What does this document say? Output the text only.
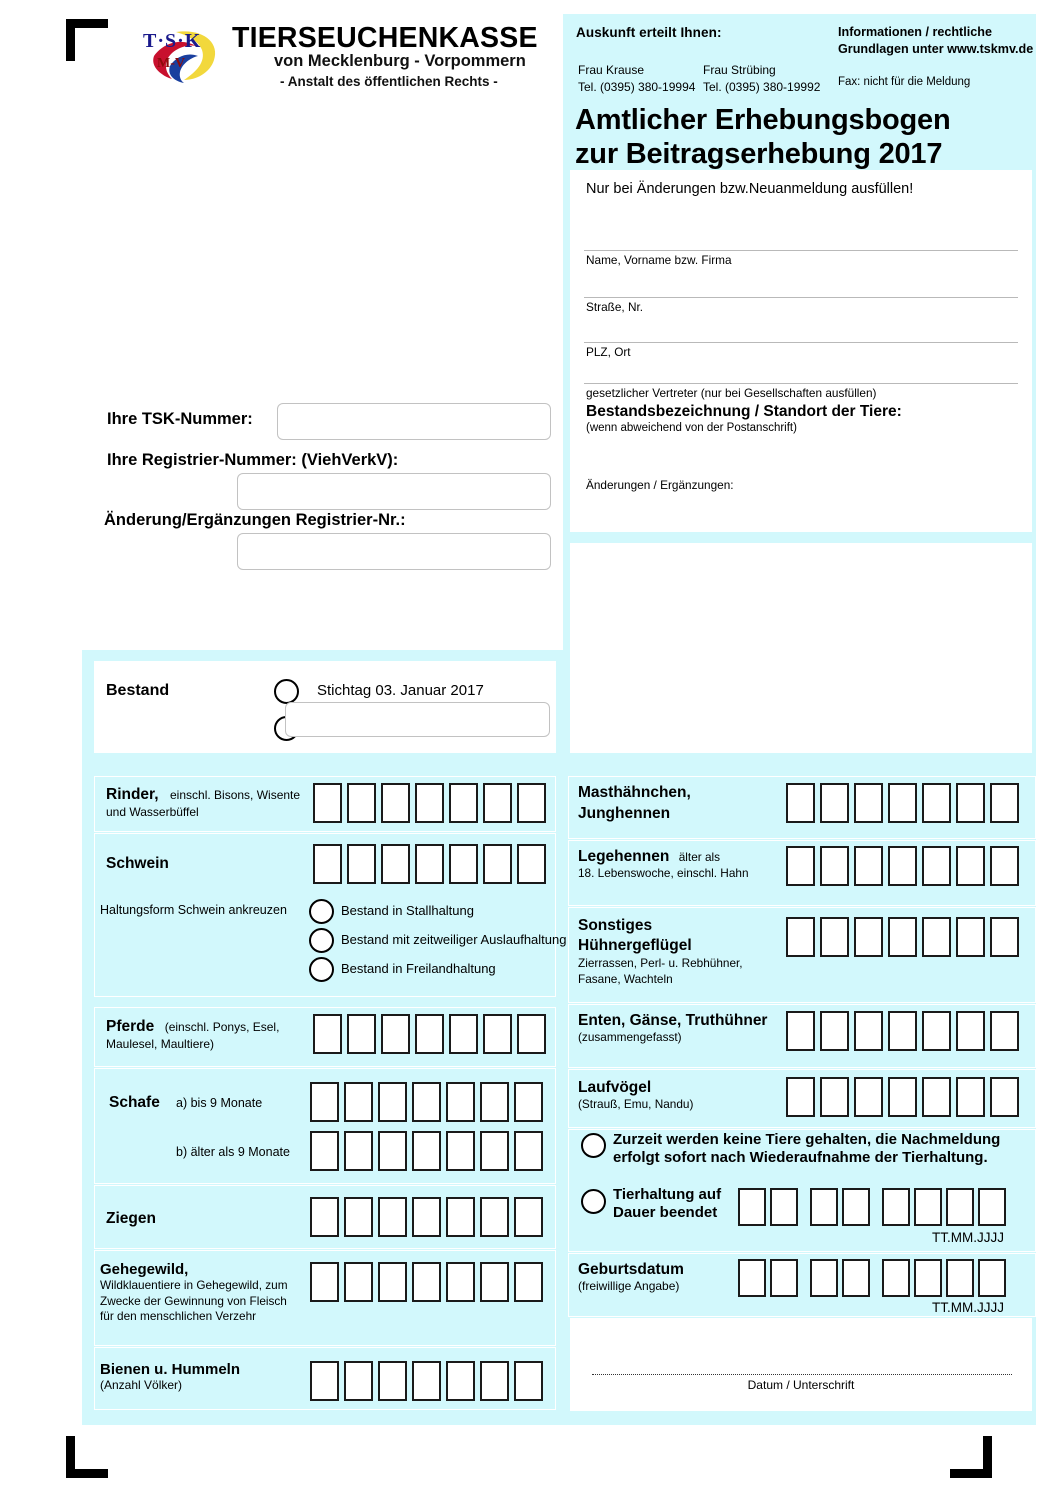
T·S·K
M-V
TIERSEUCHENKASSE
von Mecklenburg - Vorpommern
- Anstalt des öffentlichen Rechts -
Auskunft erteilt Ihnen:
Frau Krause
Tel. (0395) 380-19994
Frau Strübing
Tel. (0395) 380-19992
Informationen / rechtliche Grundlagen unter www.tskmv.de
Fax: nicht für die Meldung
Amtlicher Erhebungsbogen
zur Beitragserhebung 2017
Nur bei Änderungen bzw.Neuanmeldung ausfüllen!
Name, Vorname bzw. Firma
Straße, Nr.
PLZ, Ort
gesetzlicher Vertreter (nur bei Gesellschaften ausfüllen)
Bestandsbezeichnung / Standort der Tiere:
(wenn abweichend von der Postanschrift)
Änderungen / Ergänzungen:
Ihre TSK-Nummer:
Ihre Registrier-Nummer: (ViehVerkV):
Änderung/Ergänzungen Registrier-Nr.:
Bestand	Stichtag 03. Januar 2017
Rinder, einschl. Bisons, Wisente
und Wasserbüffel
Schwein
Haltungsform Schwein ankreuzen	Bestand in Stallhaltung
Bestand mit zeitweiliger Auslaufhaltung
Bestand in Freilandhaltung
Pferde (einschl. Ponys, Esel,
Maulesel, Maultiere)
Schafe a) bis 9 Monate
b) älter als 9 Monate
Ziegen
Gehegewild,
Wildklauentiere in Gehegewild, zum
Zwecke der Gewinnung von Fleisch
für den menschlichen Verzehr
Bienen u. Hummeln
(Anzahl Völker)
Masthähnchen,
Junghennen
Legehennen älter als
18. Lebenswoche, einschl. Hahn
Sonstiges
Hühnergeflügel
Zierrassen, Perl- u. Rebhühner,
Fasane, Wachteln
Enten, Gänse, Truthühner
(zusammengefasst)
Laufvögel
(Strauß, Emu, Nandu)
Zurzeit werden keine Tiere gehalten, die Nachmeldung
erfolgt sofort nach Wiederaufnahme der Tierhaltung.
Tierhaltung auf
Dauer beendet
TT.MM.JJJJ
Geburtsdatum
(freiwillige Angabe)
TT.MM.JJJJ
Datum / Unterschrift
